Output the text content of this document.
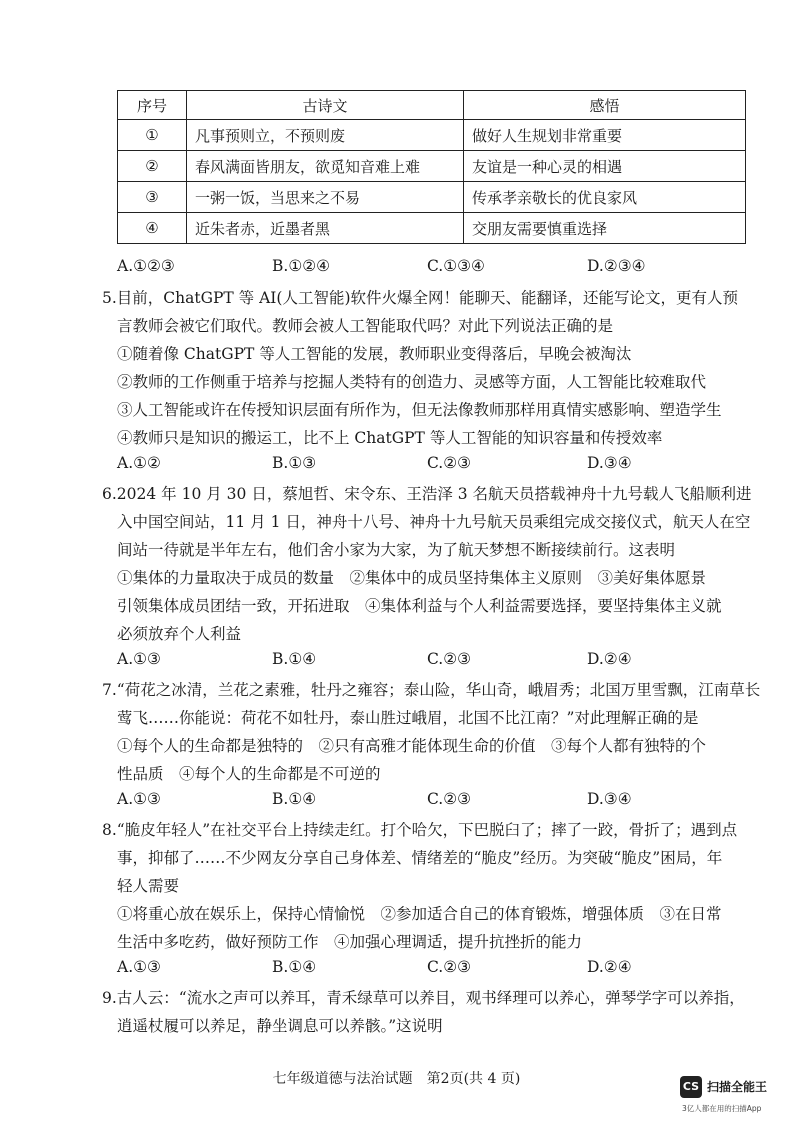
序号	古诗文	感悟
①	凡事预则立，不预则废	做好人生规划非常重要
②	春风满面皆朋友，欲觅知音难上难	友谊是一种心灵的相遇
③	一粥一饭，当思来之不易	传承孝亲敬长的优良家风
④	近朱者赤，近墨者黑	交朋友需要慎重选择
A.①②③	B.①②④	C.①③④	D.②③④
5.目前，ChatGPT 等 AI(人工智能)软件火爆全网！能聊天、能翻译，还能写论文，更有人预
言教师会被它们取代。教师会被人工智能取代吗？对此下列说法正确的是
①随着像 ChatGPT 等人工智能的发展，教师职业变得落后，早晚会被淘汰
②教师的工作侧重于培养与挖掘人类特有的创造力、灵感等方面，人工智能比较难取代
③人工智能或许在传授知识层面有所作为，但无法像教师那样用真情实感影响、塑造学生
④教师只是知识的搬运工，比不上 ChatGPT 等人工智能的知识容量和传授效率
A.①②	B.①③	C.②③	D.③④
6.2024 年 10 月 30 日，蔡旭哲、宋令东、王浩泽 3 名航天员搭载神舟十九号载人飞船顺利进
入中国空间站，11 月 1 日，神舟十八号、神舟十九号航天员乘组完成交接仪式，航天人在空
间站一待就是半年左右，他们舍小家为大家，为了航天梦想不断接续前行。这表明
①集体的力量取决于成员的数量　②集体中的成员坚持集体主义原则　③美好集体愿景
引领集体成员团结一致，开拓进取　④集体利益与个人利益需要选择，要坚持集体主义就
必须放弃个人利益
A.①③	B.①④	C.②③	D.②④
7.“荷花之冰清，兰花之素雅，牡丹之雍容；泰山险，华山奇，峨眉秀；北国万里雪飘，江南草长
莺飞……你能说：荷花不如牡丹，泰山胜过峨眉，北国不比江南？”对此理解正确的是
①每个人的生命都是独特的　②只有高雅才能体现生命的价值　③每个人都有独特的个
性品质　④每个人的生命都是不可逆的
A.①③	B.①④	C.②③	D.③④
8.“脆皮年轻人”在社交平台上持续走红。打个哈欠，下巴脱臼了；摔了一跤，骨折了；遇到点
事，抑郁了……不少网友分享自己身体差、情绪差的“脆皮”经历。为突破“脆皮”困局，年
轻人需要
①将重心放在娱乐上，保持心情愉悦　②参加适合自己的体育锻炼，增强体质　③在日常
生活中多吃药，做好预防工作　④加强心理调适，提升抗挫折的能力
A.①③	B.①④	C.②③	D.②④
9.古人云：“流水之声可以养耳，青禾绿草可以养目，观书绎理可以养心，弹琴学字可以养指，
逍遥杖履可以养足，静坐调息可以养骸。”这说明
七年级道德与法治试题　第2页(共 4 页)	CS 扫描全能王
3亿人都在用的扫描App
